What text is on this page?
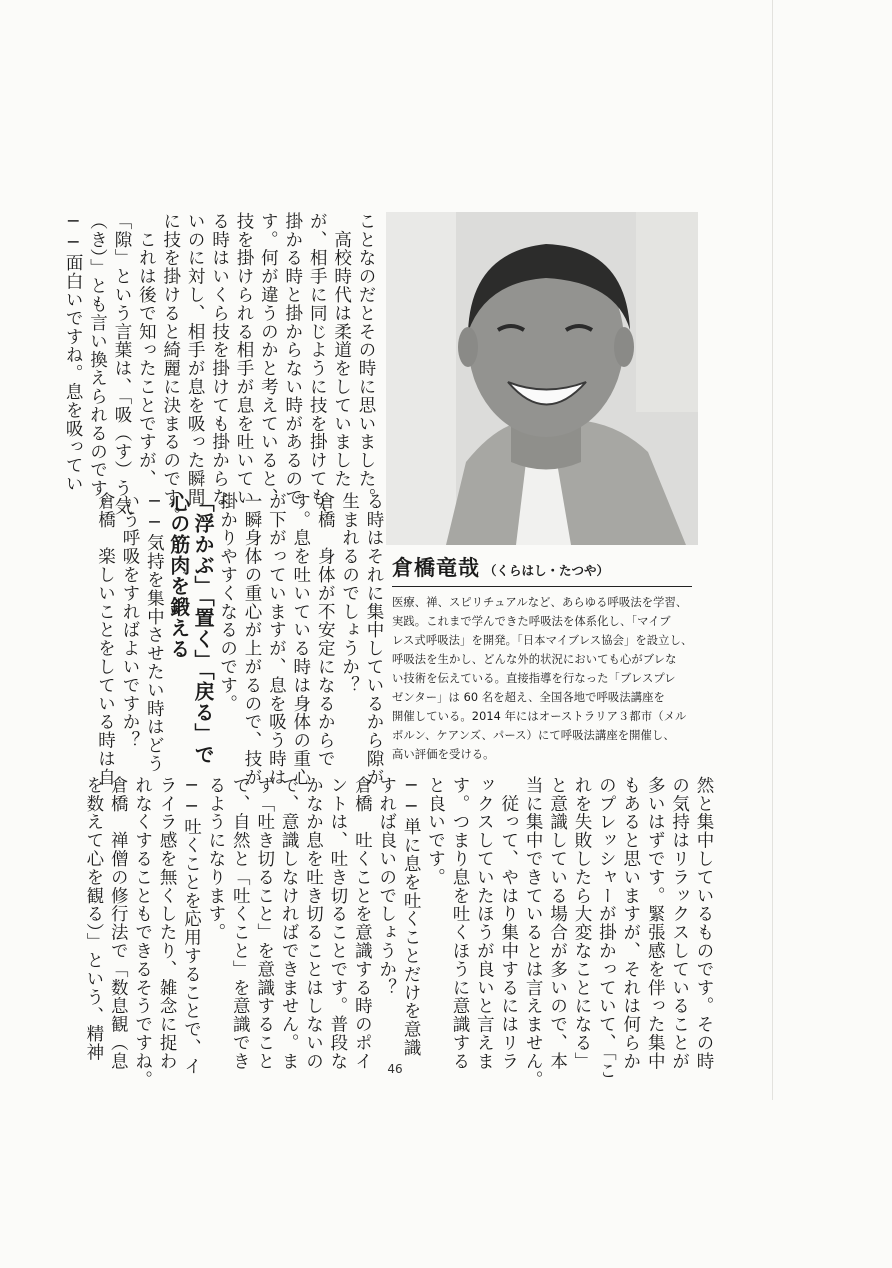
ことなのだとその時に思いました。
　高校時代は柔道をしていました
が、相手に同じように技を掛けても、
掛かる時と掛からない時があるので
す。何が違うのかと考えていると、
技を掛けられる相手が息を吐いてい
る時はいくら技を掛けても掛からな
いのに対し、相手が息を吸った瞬間
に技を掛けると綺麗に決まるのです。
　これは後で知ったことですが、
「隙」という言葉は、「吸（す）う気
（き）」とも言い換えられるのです。
──面白いですね。息を吸ってい
る時はそれに集中しているから隙が
生まれるのでしょうか？
倉橋　身体が不安定になるからで
す。息を吐いている時は身体の重心
が下がっていますが、息を吸う時は
一瞬身体の重心が上がるので、技が
掛かりやすくなるのです。
「浮かぶ」「置く」「戻る」で
心の筋肉を鍛える
──気持を集中させたい時はどう
いう呼吸をすればよいですか？
倉橋　楽しいことをしている時は自	倉橋竜哉 （くらはし・たつや）
医療、禅、スピリチュアルなど、あらゆる呼吸法を学習、
実践。これまで学んできた呼吸法を体系化し、「マイブ
レス式呼吸法」を開発。「日本マイブレス協会」を設立し、
呼吸法を生かし、どんな外的状況においても心がブレな
い技術を伝えている。直接指導を行なった「ブレスプレ
ゼンター」は 60 名を超え、全国各地で呼吸法講座を
開催している。2014 年にはオーストラリア３都市（メル
ボルン、ケアンズ、パース）にて呼吸法講座を開催し、
高い評価を受ける。
然と集中しているものです。その時
の気持はリラックスしていることが
多いはずです。緊張感を伴った集中
もあると思いますが、それは何らか
のプレッシャーが掛かっていて、「こ
れを失敗したら大変なことになる」
と意識している場合が多いので、本
当に集中できているとは言えません。
　従って、やはり集中するにはリラ
ックスしていたほうが良いと言えま
す。つまり息を吐くほうに意識する
と良いです。
──単に息を吐くことだけを意識
すれば良いのでしょうか？
倉橋　吐くことを意識する時のポイ
ントは、吐き切ることです。普段な
かなか息を吐き切ることはしないの
で、意識しなければできません。ま
ず「吐き切ること」を意識すること
で、自然と「吐くこと」を意識でき
るようになります。
──吐くことを応用することで、イ
ライラ感を無くしたり、雑念に捉わ
れなくすることもできるそうですね。
倉橋　禅僧の修行法で「数息観（息
を数えて心を観る）」という、精神
46
